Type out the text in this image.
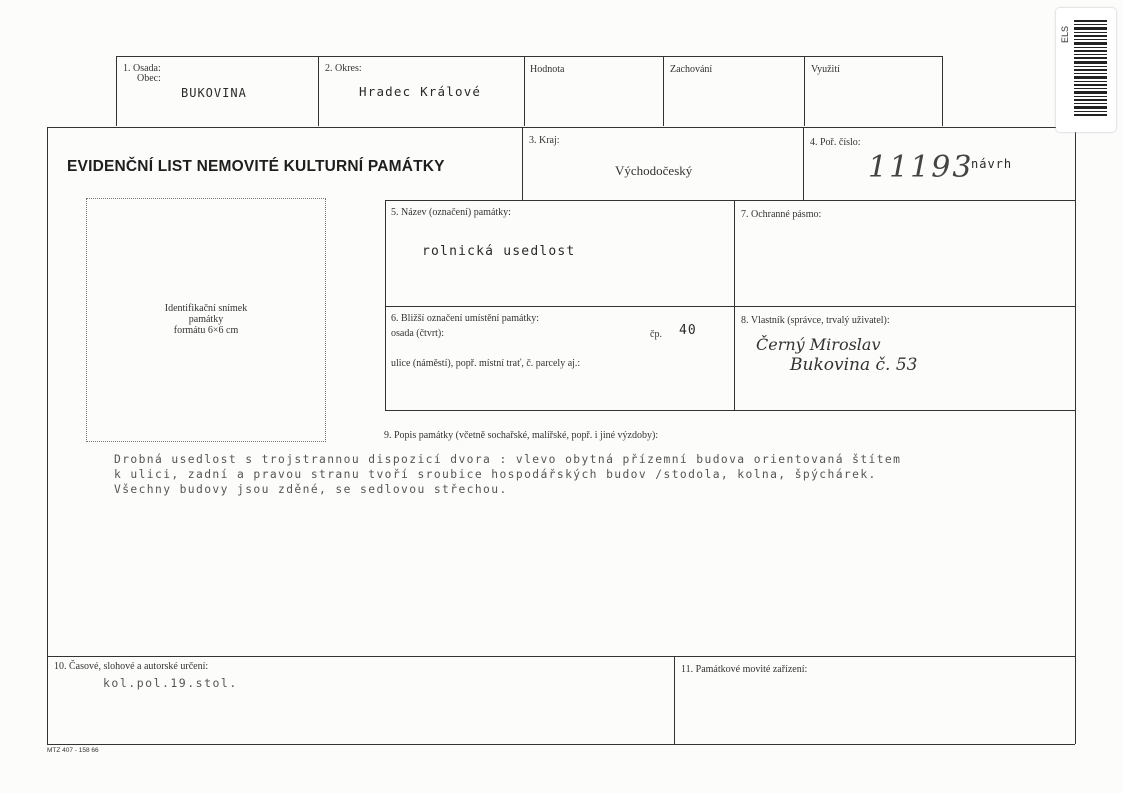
1. Osada:
Obec:
BUKOVINA
2. Okres:
Hradec Králové
Hodnota	Zachování	Využití
EVIDENČNÍ LIST NEMOVITÉ KULTURNÍ PAMÁTKY
3. Kraj:
Východočeský
4. Poř. číslo:
11193
návrh
Identifikační snímek
památky
formátu 6×6 cm
5. Název (označení) památky:
rolnická usedlost
7. Ochranné pásmo:
6. Bližší označení umístění památky:
osada (čtvrt):	čp. 40
ulice (náměstí), popř. místní trať, č. parcely aj.:
8. Vlastník (správce, trvalý uživatel):
Černý Miroslav
Bukovina č. 53
9. Popis památky (včetně sochařské, malířské, popř. i jiné výzdoby):
Drobná usedlost s trojstrannou dispozicí dvora : vlevo obytná přízemní budova orientovaná štítem
k ulici, zadní a pravou stranu tvoří sroubice hospodářských budov /stodola, kolna, špýchárek.
Všechny budovy jsou zděné, se sedlovou střechou.
10. Časové, slohové a autorské určení:
kol.pol.19.stol.
11. Památkové movité zařízení:
MTZ 407 - 158 66
ELS
